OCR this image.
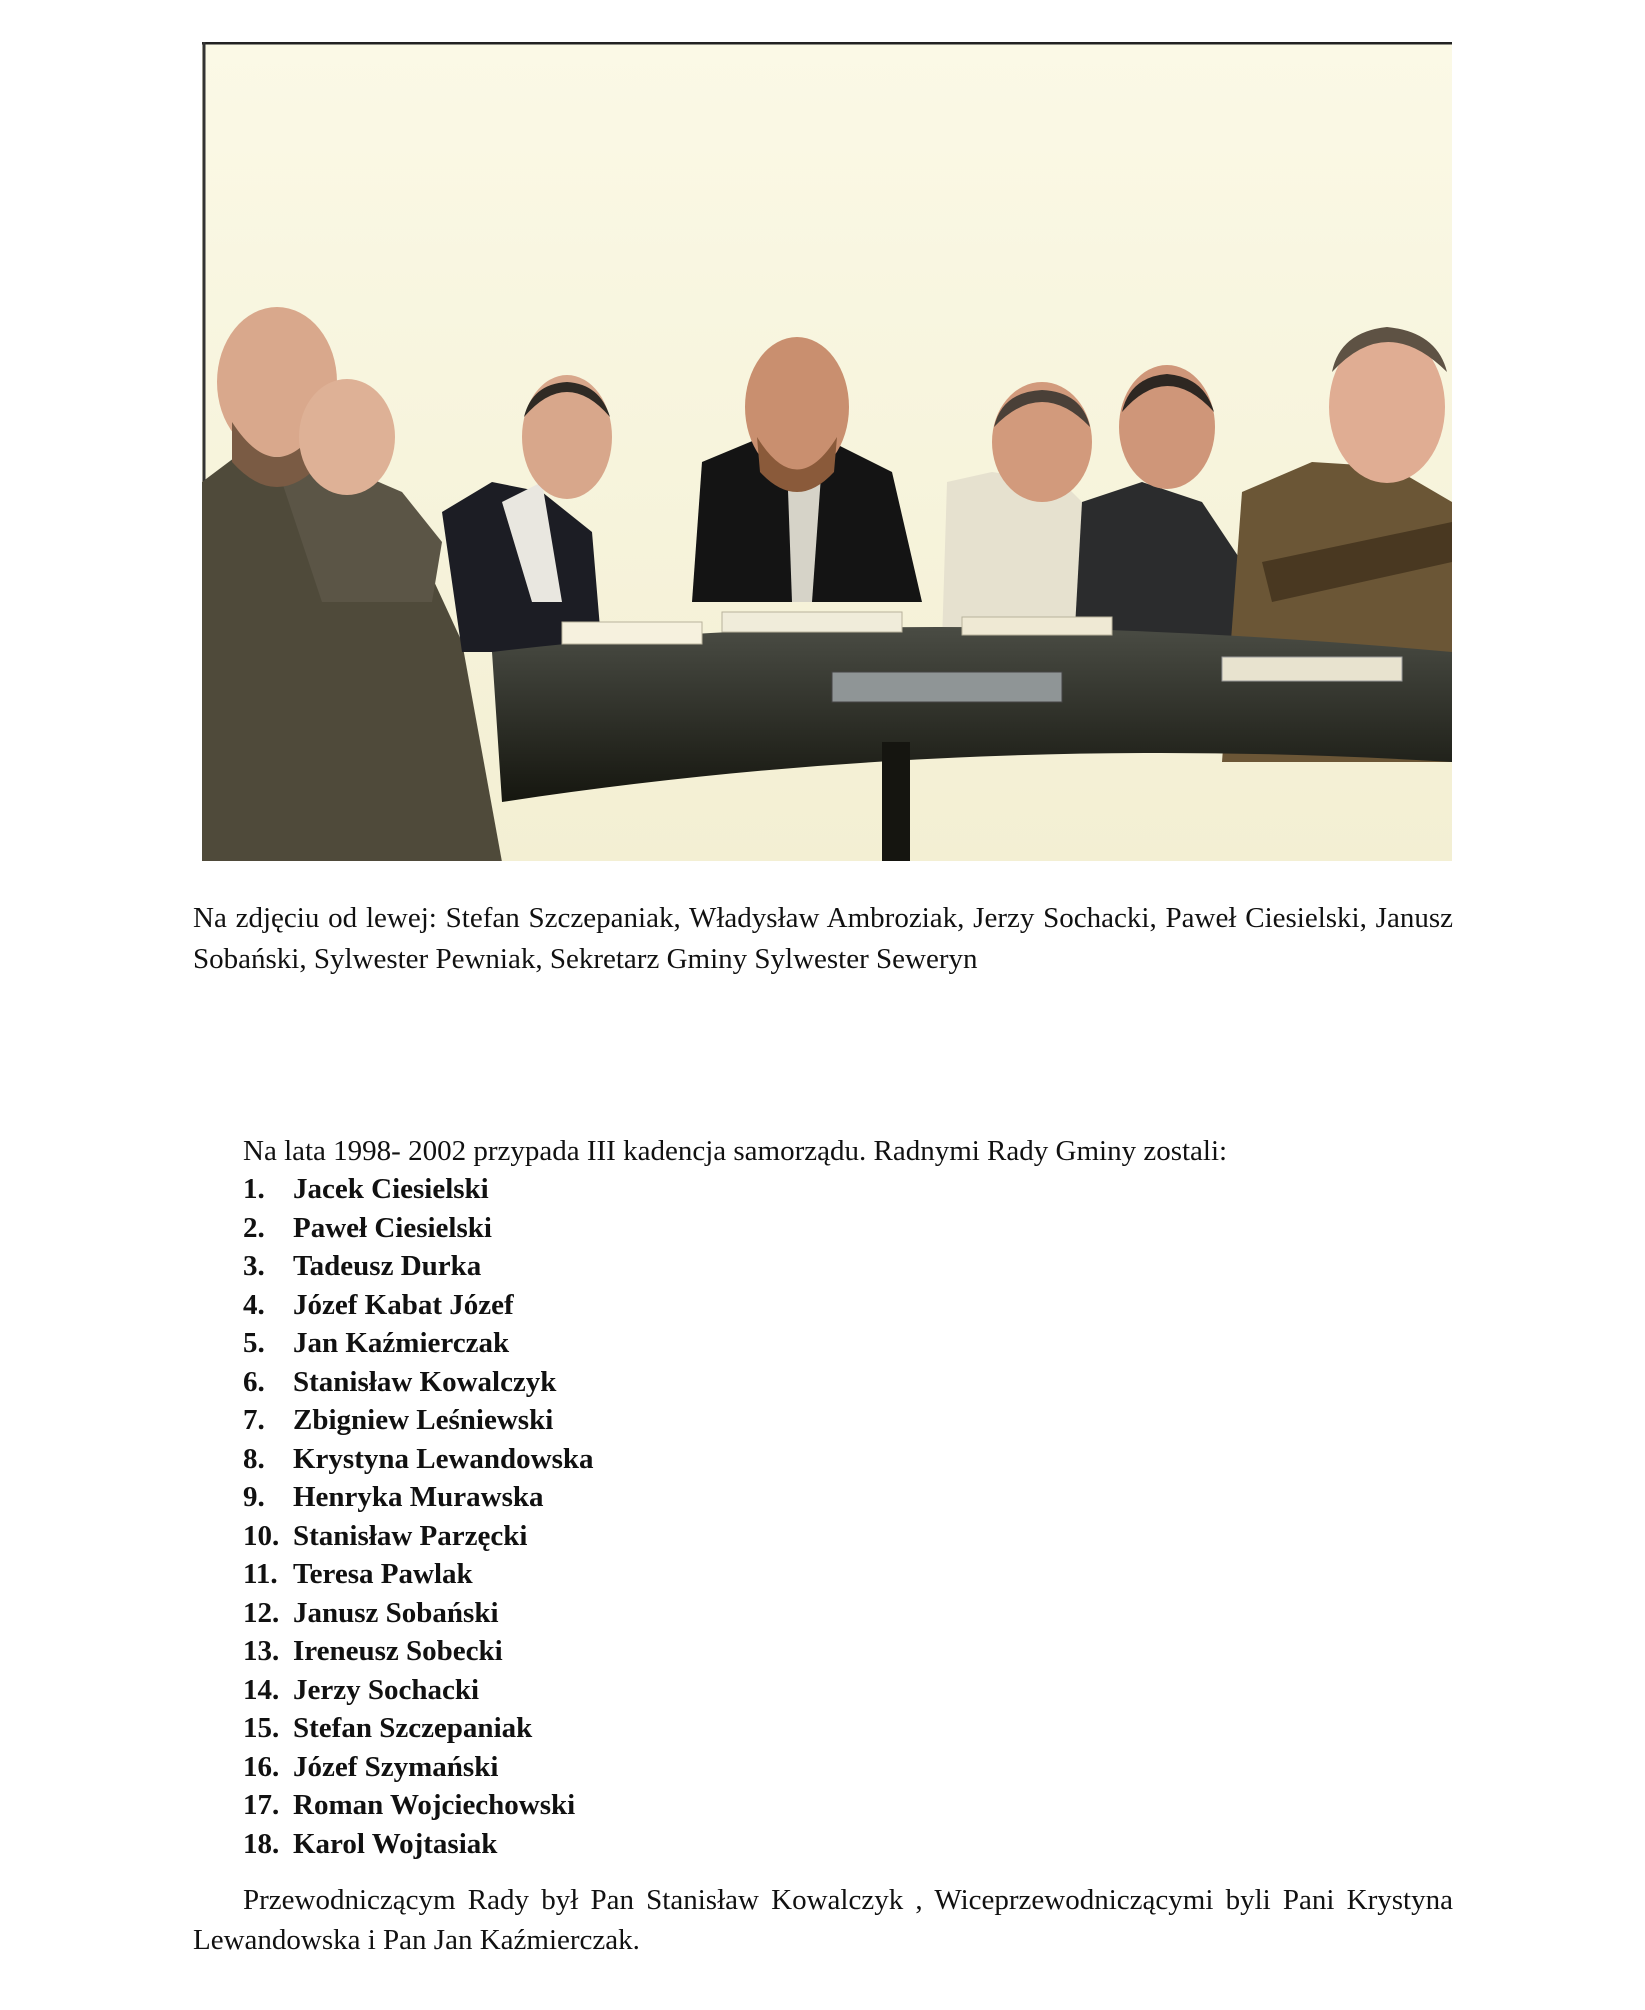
Na zdjęciu od lewej: Stefan Szczepaniak, Władysław Ambroziak, Jerzy Sochacki, Paweł Ciesielski, Janusz Sobański, Sylwester Pewniak, Sekretarz Gminy Sylwester Seweryn

Na lata 1998- 2002 przypada III kadencja samorządu. Radnymi Rady Gminy zostali:

1. Jacek Ciesielski
2. Paweł Ciesielski
3. Tadeusz Durka
4. Józef Kabat Józef
5. Jan Kaźmierczak
6. Stanisław Kowalczyk
7. Zbigniew Leśniewski
8. Krystyna Lewandowska
9. Henryka Murawska
10. Stanisław Parzęcki
11. Teresa Pawlak
12. Janusz Sobański
13. Ireneusz Sobecki
14. Jerzy Sochacki
15. Stefan Szczepaniak
16. Józef Szymański
17. Roman Wojciechowski
18. Karol Wojtasiak

Przewodniczącym Rady był Pan Stanisław Kowalczyk , Wiceprzewodniczącymi byli Pani Krystyna Lewandowska i Pan Jan Kaźmierczak.
